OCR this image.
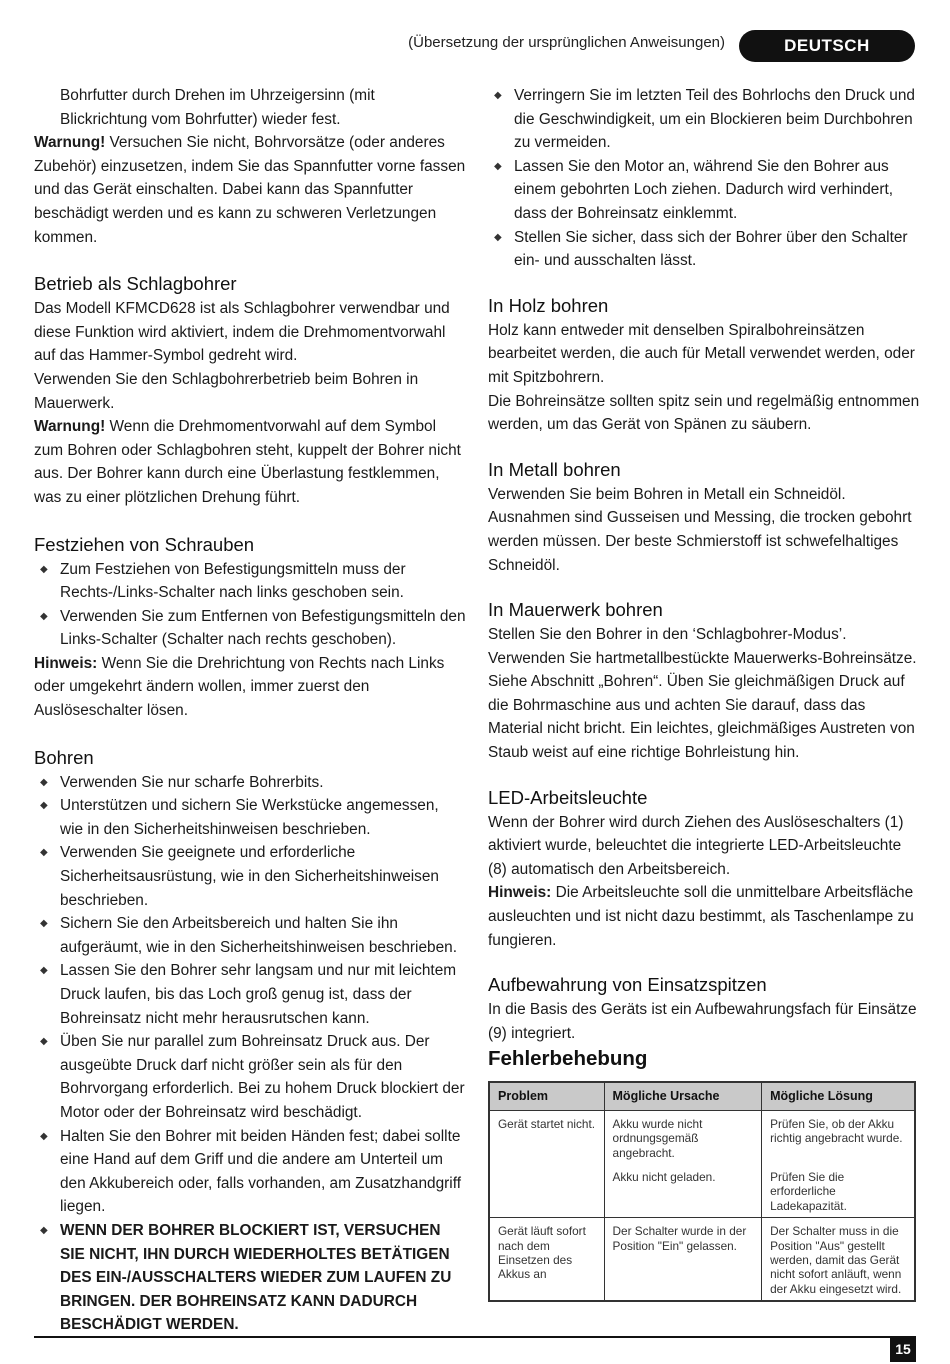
(Übersetzung der ursprünglichen Anweisungen)	DEUTSCH

Bohrfutter durch Drehen im Uhrzeigersinn (mit Blickrichtung vom Bohrfutter) wieder fest.

Warnung! Versuchen Sie nicht, Bohrvorsätze (oder anderes Zubehör) einzusetzen, indem Sie das Spannfutter vorne fassen und das Gerät einschalten. Dabei kann das Spannfutter beschädigt werden und es kann zu schweren Verletzungen kommen.

Betrieb als Schlagbohrer

Das Modell KFMCD628 ist als Schlagbohrer verwendbar und diese Funktion wird aktiviert, indem die Drehmomentvorwahl auf das Hammer-Symbol gedreht wird.

Verwenden Sie den Schlagbohrerbetrieb beim Bohren in Mauerwerk.

Warnung! Wenn die Drehmomentvorwahl auf dem Symbol zum Bohren oder Schlagbohren steht, kuppelt der Bohrer nicht aus. Der Bohrer kann durch eine Überlastung festklemmen, was zu einer plötzlichen Drehung führt.

Festziehen von Schrauben
◆ Zum Festziehen von Befestigungsmitteln muss der Rechts-/Links-Schalter nach links geschoben sein.
◆ Verwenden Sie zum Entfernen von Befestigungsmitteln den Links-Schalter (Schalter nach rechts geschoben).

Hinweis: Wenn Sie die Drehrichtung von Rechts nach Links oder umgekehrt ändern wollen, immer zuerst den Auslöseschalter lösen.

Bohren
◆ Verwenden Sie nur scharfe Bohrerbits.
◆ Unterstützen und sichern Sie Werkstücke angemessen, wie in den Sicherheitshinweisen beschrieben.
◆ Verwenden Sie geeignete und erforderliche Sicherheitsausrüstung, wie in den Sicherheitshinweisen beschrieben.
◆ Sichern Sie den Arbeitsbereich und halten Sie ihn aufgeräumt, wie in den Sicherheitshinweisen beschrieben.
◆ Lassen Sie den Bohrer sehr langsam und nur mit leichtem Druck laufen, bis das Loch groß genug ist, dass der Bohreinsatz nicht mehr herausrutschen kann.
◆ Üben Sie nur parallel zum Bohreinsatz Druck aus. Der ausgeübte Druck darf nicht größer sein als für den Bohrvorgang erforderlich. Bei zu hohem Druck blockiert der Motor oder der Bohreinsatz wird beschädigt.
◆ Halten Sie den Bohrer mit beiden Händen fest; dabei sollte eine Hand auf dem Griff und die andere am Unterteil um den Akkubereich oder, falls vorhanden, am Zusatzhandgriff liegen.
◆ WENN DER BOHRER BLOCKIERT IST, VERSUCHEN SIE NICHT, IHN DURCH WIEDERHOLTES BETÄTIGEN DES EIN-/AUSSCHALTERS WIEDER ZUM LAUFEN ZU BRINGEN. DER BOHREINSATZ KANN DADURCH BESCHÄDIGT WERDEN.
◆ Verringern Sie im letzten Teil des Bohrlochs den Druck und die Geschwindigkeit, um ein Blockieren beim Durchbohren zu vermeiden.
◆ Lassen Sie den Motor an, während Sie den Bohrer aus einem gebohrten Loch ziehen. Dadurch wird verhindert, dass der Bohreinsatz einklemmt.
◆ Stellen Sie sicher, dass sich der Bohrer über den Schalter ein- und ausschalten lässt.
In Holz bohren

Holz kann entweder mit denselben Spiralbohreinsätzen bearbeitet werden, die auch für Metall verwendet werden, oder mit Spitzbohrern.

Die Bohreinsätze sollten spitz sein und regelmäßig entnommen werden, um das Gerät von Spänen zu säubern.

In Metall bohren

Verwenden Sie beim Bohren in Metall ein Schneidöl. Ausnahmen sind Gusseisen und Messing, die trocken gebohrt werden müssen. Der beste Schmierstoff ist schwefelhaltiges Schneidöl.

In Mauerwerk bohren

Stellen Sie den Bohrer in den ‘Schlagbohrer-Modus’. Verwenden Sie hartmetallbestückte Mauerwerks-Bohreinsätze. Siehe Abschnitt „Bohren“. Üben Sie gleichmäßigen Druck auf die Bohrmaschine aus und achten Sie darauf, dass das Material nicht bricht. Ein leichtes, gleichmäßiges Austreten von Staub weist auf eine richtige Bohrleistung hin.

LED-Arbeitsleuchte

Wenn der Bohrer wird durch Ziehen des Auslöseschalters (1) aktiviert wurde, beleuchtet die integrierte LED-Arbeitsleuchte (8) automatisch den Arbeitsbereich.

Hinweis: Die Arbeitsleuchte soll die unmittelbare Arbeitsfläche ausleuchten und ist nicht dazu bestimmt, als Taschenlampe zu fungieren.

Aufbewahrung von Einsatzspitzen

In die Basis des Geräts ist ein Aufbewahrungsfach für Einsätze (9) integriert.

Fehlerbehebung
Problem	Mögliche Ursache	Mögliche Lösung
Gerät startet nicht.	Akku wurde nicht ordnungsgemäß angebracht.	Prüfen Sie, ob der Akku richtig angebracht wurde.
	Akku nicht geladen.	Prüfen Sie die erforderliche Ladekapazität.
Gerät läuft sofort nach dem Einsetzen des Akkus an	Der Schalter wurde in der Position "Ein" gelassen.	Der Schalter muss in die Position "Aus" gestellt werden, damit das Gerät nicht sofort anläuft, wenn der Akku eingesetzt wird.
15
